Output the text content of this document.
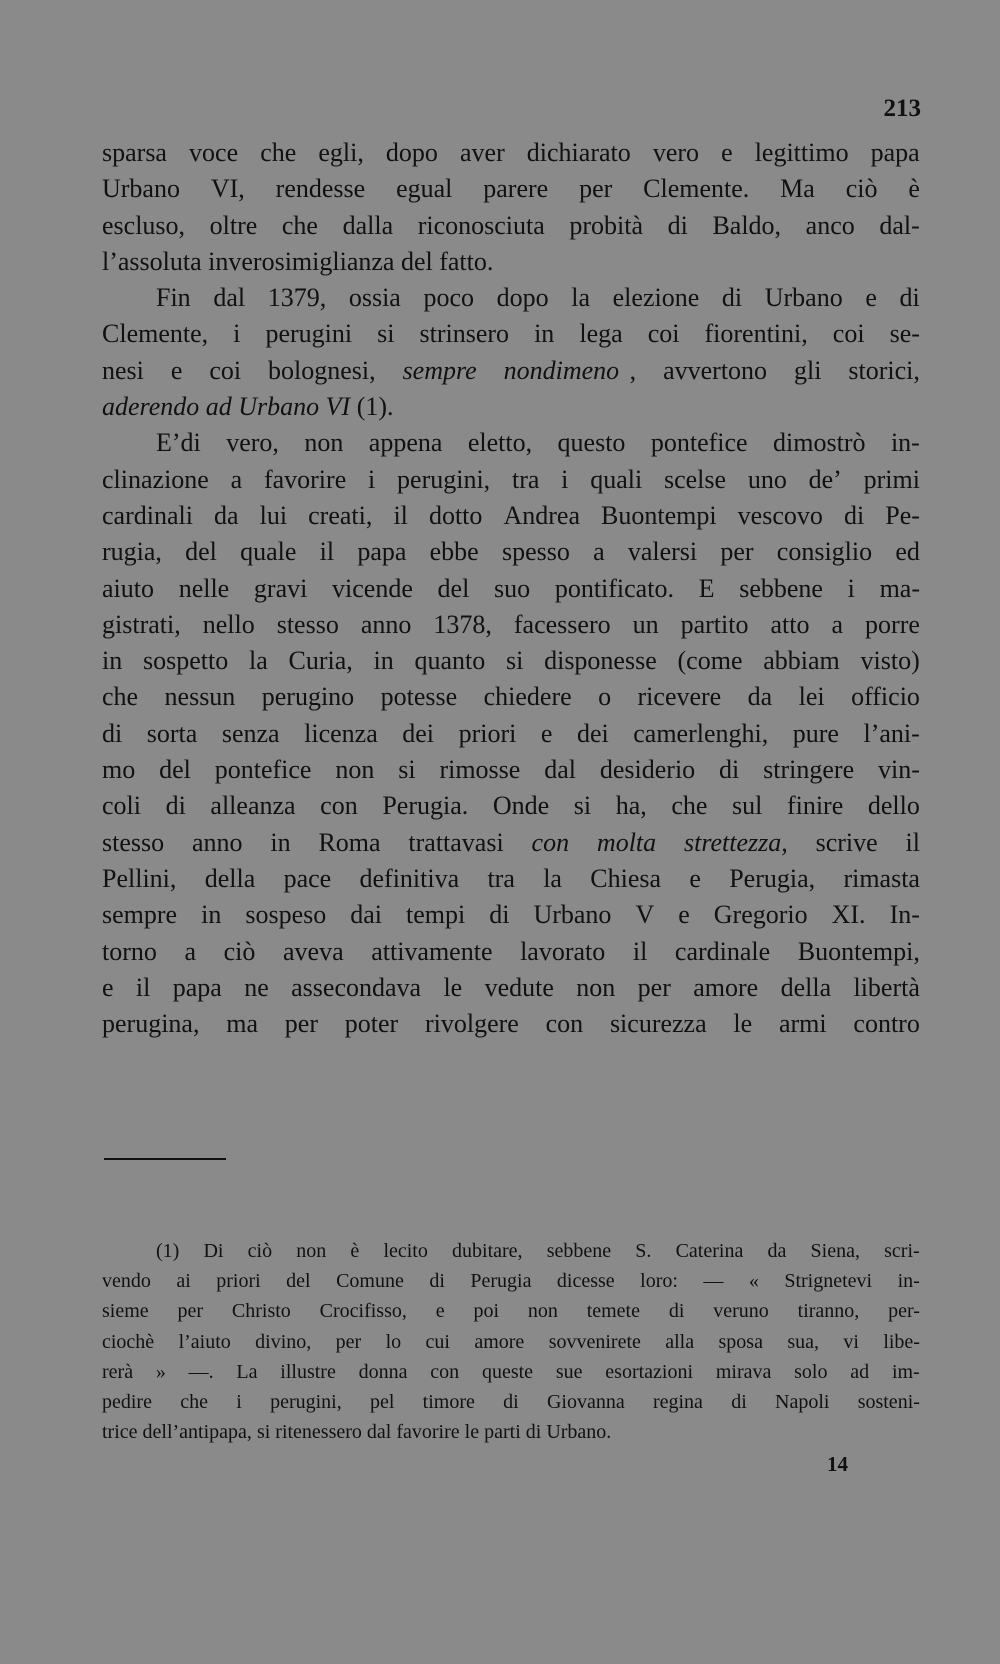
213
sparsa voce che egli, dopo aver dichiarato vero e legittimo papa
Urbano VI, rendesse egual parere per Clemente. Ma ciò è
escluso, oltre che dalla riconosciuta probità di Baldo, anco dal-
l’assoluta
inverosimiglianza
del
fatto.
Fin dal 1379, ossia poco dopo la elezione di Urbano e di
Clemente, i perugini si strinsero in lega coi fiorentini, coi se-
nesi e coi bolognesi, sempre nondimeno , avvertono gli storici,
aderendo
ad
Urbano
VI
(1).
E’di vero, non appena eletto, questo pontefice dimostrò in-
clinazione a favorire i perugini, tra i quali scelse uno de’ primi
cardinali da lui creati, il dotto Andrea Buontempi vescovo di Pe-
rugia, del quale il papa ebbe spesso a valersi per consiglio ed
aiuto nelle gravi vicende del suo pontificato. E sebbene i ma-
gistrati, nello stesso anno 1378, facessero un partito atto a porre
in sospetto la Curia, in quanto si disponesse (come abbiam visto)
che nessun perugino potesse chiedere o ricevere da lei officio
di sorta senza licenza dei priori e dei camerlenghi, pure l’ani-
mo del pontefice non si rimosse dal desiderio di stringere vin-
coli di alleanza con Perugia. Onde si ha, che sul finire dello
stesso anno in Roma trattavasi con molta strettezza, scrive il
Pellini, della pace definitiva tra la Chiesa e Perugia, rimasta
sempre in sospeso dai tempi di Urbano V e Gregorio XI. In-
torno a ciò aveva attivamente lavorato il cardinale Buontempi,
e il papa ne assecondava le vedute non per amore della libertà
perugina, ma per poter rivolgere con sicurezza le armi contro
(1) Di ciò non è lecito dubitare, sebbene S. Caterina da Siena, scri-
vendo ai priori del Comune di Perugia dicesse loro: — « Strignetevi in-
sieme per Christo Crocifisso, e poi non temete di veruno tiranno, per-
ciochè l’aiuto divino, per lo cui amore sovvenirete alla sposa sua, vi libe-
rerà » —. La illustre donna con queste sue esortazioni mirava solo ad im-
pedire che i perugini, pel timore di Giovanna regina di Napoli sosteni-
trice
dell’antipapa,
si
ritenessero
dal
favorire
le
parti
di
Urbano.
14
